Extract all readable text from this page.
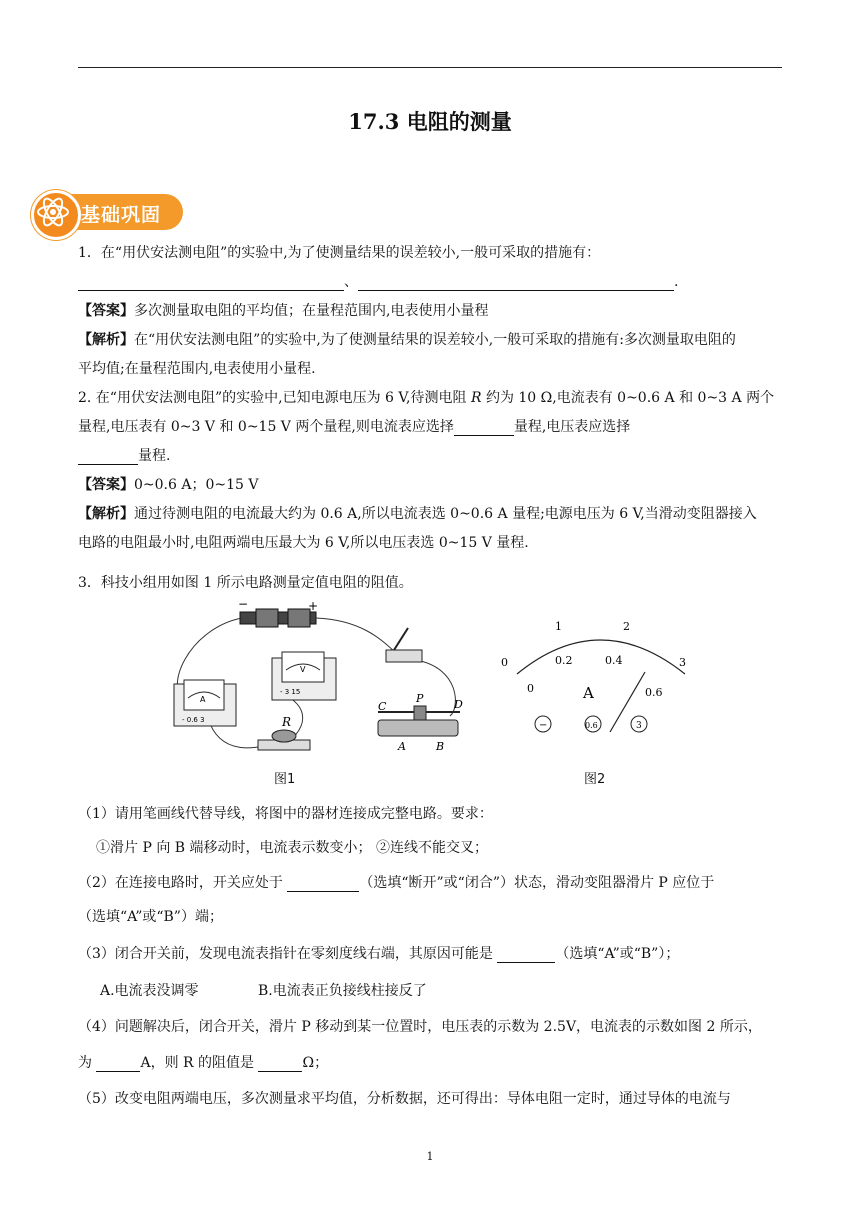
17.3 电阻的测量
基础巩固
1．在“用伏安法测电阻”的实验中,为了使测量结果的误差较小,一般可采取的措施有：
、	.
【答案】多次测量取电阻的平均值；在量程范围内,电表使用小量程
【解析】在“用伏安法测电阻”的实验中,为了使测量结果的误差较小,一般可采取的措施有:多次测量取电阻的
平均值;在量程范围内,电表使用小量程.
2. 在“用伏安法测电阻”的实验中,已知电源电压为 6 V,待测电阻 R 约为 10 Ω,电流表有 0~0.6 A 和 0~3 A 两个
量程,电压表有 0~3 V 和 0~15 V 两个量程,则电流表应选择	量程,电压表应选择
量程.
【答案】0~0.6 A；0~15 V
【解析】通过待测电阻的电流最大约为 0.6 A,所以电流表选 0~0.6 A 量程;电源电压为 6 V,当滑动变阻器接入
电路的电阻最小时,电阻两端电压最大为 6 V,所以电压表选 0~15 V 量程.
3．科技小组用如图 1 所示电路测量定值电阻的阻值。
−	+
A
- 0.6 3
V
- 3 15
R
P
C	D
A	B
图1
0
1	2
3
0
0.2	0.4
0.6
A
−	0.6	3
图2
（1）请用笔画线代替导线，将图中的器材连接成完整电路。要求：
①滑片 P 向 B 端移动时，电流表示数变小； ②连线不能交叉；
（2）在连接电路时，开关应处于	（选填“断开”或“闭合”）状态，滑动变阻器滑片 P 应位于
（选填“A”或“B”）端；
（3）闭合开关前，发现电流表指针在零刻度线右端，其原因可能是	（选填“A”或“B”）；
A.电流表没调零	B.电流表正负接线柱接反了
（4）问题解决后，闭合开关，滑片 P 移动到某一位置时，电压表的示数为 2.5V，电流表的示数如图 2 所示，
为	A，则 R 的阻值是	Ω；
（5）改变电阻两端电压，多次测量求平均值，分析数据，还可得出：导体电阻一定时，通过导体的电流与
1
